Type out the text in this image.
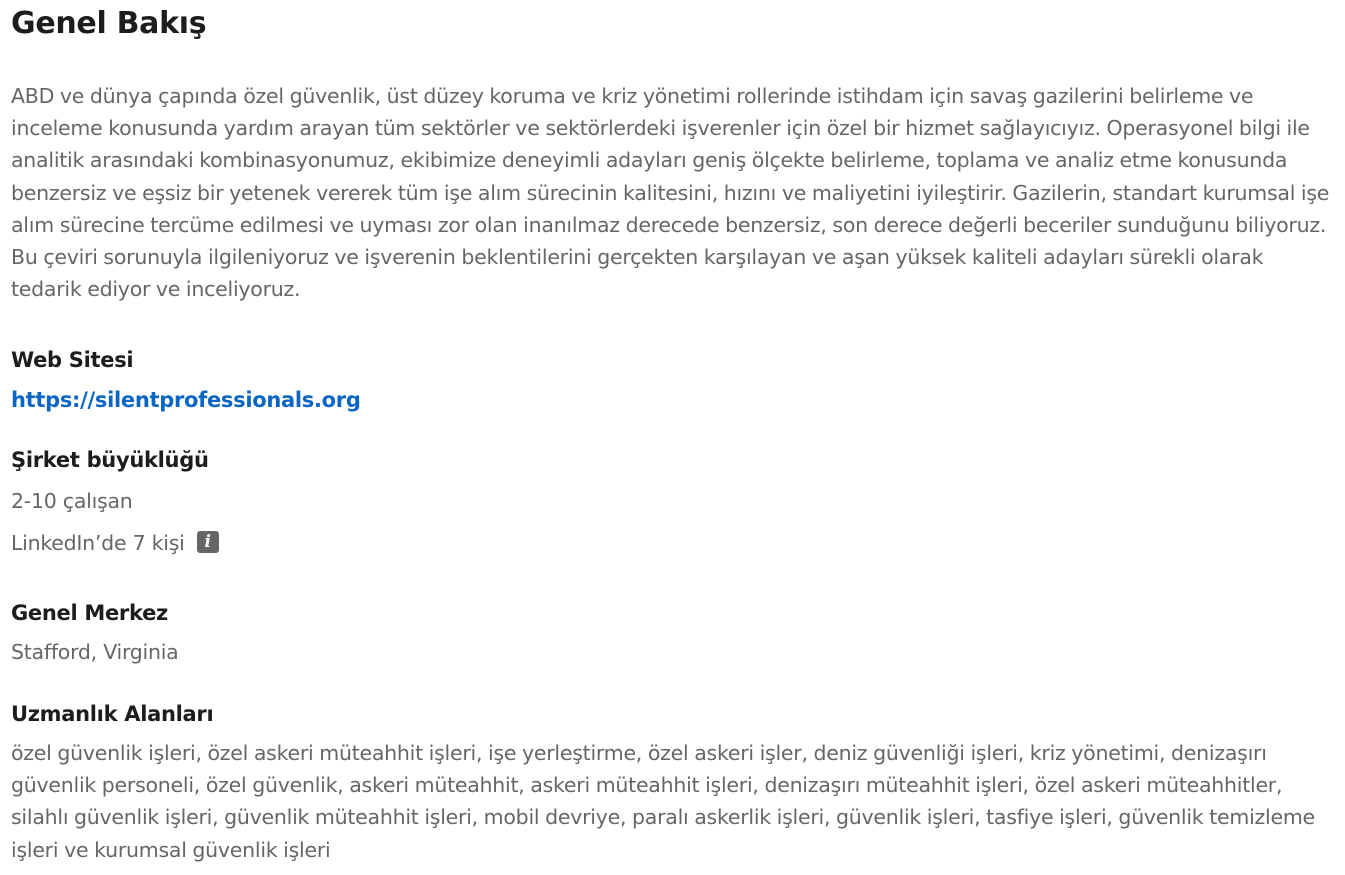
Genel Bakış

ABD ve dünya çapında özel güvenlik, üst düzey koruma ve kriz yönetimi rollerinde istihdam için savaş gazilerini belirleme ve inceleme konusunda yardım arayan tüm sektörler ve sektörlerdeki işverenler için özel bir hizmet sağlayıcıyız. Operasyonel bilgi ile analitik arasındaki kombinasyonumuz, ekibimize deneyimli adayları geniş ölçekte belirleme, toplama ve analiz etme konusunda benzersiz ve eşsiz bir yetenek vererek tüm işe alım sürecinin kalitesini, hızını ve maliyetini iyileştirir. Gazilerin, standart kurumsal işe alım sürecine tercüme edilmesi ve uyması zor olan inanılmaz derecede benzersiz, son derece değerli beceriler sunduğunu biliyoruz. Bu çeviri sorunuyla ilgileniyoruz ve işverenin beklentilerini gerçekten karşılayan ve aşan yüksek kaliteli adayları sürekli olarak tedarik ediyor ve inceliyoruz.

Web Sitesi
https://silentprofessionals.org
Şirket büyüklüğü
2-10 çalışan
LinkedIn’de 7 kişii
Genel Merkez
Stafford, Virginia
Uzmanlık Alanları

özel güvenlik işleri, özel askeri müteahhit işleri, işe yerleştirme, özel askeri işler, deniz güvenliği işleri, kriz yönetimi, denizaşırı güvenlik personeli, özel güvenlik, askeri müteahhit, askeri müteahhit işleri, denizaşırı müteahhit işleri, özel askeri müteahhitler, silahlı güvenlik işleri, güvenlik müteahhit işleri, mobil devriye, paralı askerlik işleri, güvenlik işleri, tasfiye işleri, güvenlik temizleme işleri ve kurumsal güvenlik işleri
